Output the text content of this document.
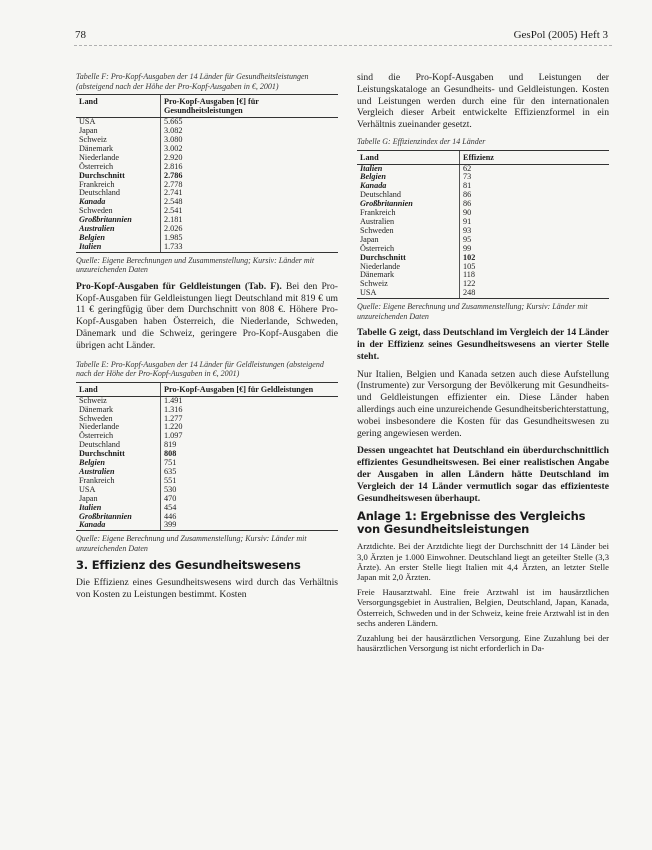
78	GesPol (2005) Heft 3

Tabelle F: Pro-Kopf-Ausgaben der 14 Länder für Gesundheitsleistungen (absteigend nach der Höhe der Pro-Kopf-Ausgaben in €, 2001)

Land	Pro-Kopf-Ausgaben [€] für Gesundheitsleistungen
USA	5.665
Japan	3.082
Schweiz	3.080
Dänemark	3.002
Niederlande	2.920
Österreich	2.816
Durchschnitt	2.786
Frankreich	2.778
Deutschland	2.741
Kanada	2.548
Schweden	2.541
Großbritannien	2.181
Australien	2.026
Belgien	1.985
Italien	1.733

Quelle: Eigene Berechnungen und Zusammenstellung; Kursiv: Länder mit unzureichenden Daten

Pro-Kopf-Ausgaben für Geldleistungen (Tab. F). Bei den Pro-Kopf-Ausgaben für Geldleistungen liegt Deutschland mit 819 € um 11 € geringfügig über dem Durchschnitt von 808 €. Höhere Pro-Kopf-Ausgaben haben Österreich, die Niederlande, Schweden, Dänemark und die Schweiz, geringere Pro-Kopf-Ausgaben die übrigen acht Länder.

Tabelle E: Pro-Kopf-Ausgaben der 14 Länder für Geldleistungen (absteigend nach der Höhe der Pro-Kopf-Ausgaben in €, 2001)

Land	Pro-Kopf-Ausgaben [€] für Geldleistungen
Schweiz	1.491
Dänemark	1.316
Schweden	1.277
Niederlande	1.220
Österreich	1.097
Deutschland	819
Durchschnitt	808
Belgien	751
Australien	635
Frankreich	551
USA	530
Japan	470
Italien	454
Großbritannien	446
Kanada	399

Quelle: Eigene Berechnung und Zusammenstellung; Kursiv: Länder mit unzureichenden Daten

3. Effizienz des Gesundheitswesens

Die Effizienz eines Gesundheitswesens wird durch das Verhältnis von Kosten zu Leistungen bestimmt. Kosten

sind die Pro-Kopf-Ausgaben und Leistungen der Leistungskataloge an Gesundheits- und Geldleistungen. Kosten und Leistungen werden durch eine für den internationalen Vergleich dieser Arbeit entwickelte Effizienzformel in ein Verhältnis zueinander gesetzt.

Tabelle G: Effizienzindex der 14 Länder

Land	Effizienz
Italien	62
Belgien	73
Kanada	81
Deutschland	86
Großbritannien	86
Frankreich	90
Australien	91
Schweden	93
Japan	95
Österreich	99
Durchschnitt	102
Niederlande	105
Dänemark	118
Schweiz	122
USA	248

Quelle: Eigene Berechnung und Zusammenstellung; Kursiv: Länder mit unzureichenden Daten

Tabelle G zeigt, dass Deutschland im Vergleich der 14 Länder in der Effizienz seines Gesundheitswesens an vierter Stelle steht.

Nur Italien, Belgien und Kanada setzen auch diese Aufstellung (Instrumente) zur Versorgung der Bevölkerung mit Gesundheits- und Geldleistungen effizienter ein. Diese Länder haben allerdings auch eine unzureichende Gesundheitsberichterstattung, wobei insbesondere die Kosten für das Gesundheitswesen zu gering angewiesen werden.

Dessen ungeachtet hat Deutschland ein überdurchschnittlich effizientes Gesundheitswesen. Bei einer realistischen Angabe der Ausgaben in allen Ländern hätte Deutschland im Vergleich der 14 Länder vermutlich sogar das effizienteste Gesundheitswesen überhaupt.

Anlage 1: Ergebnisse des Vergleichs von Gesundheitsleistungen

Arztdichte. Bei der Arztdichte liegt der Durchschnitt der 14 Länder bei 3,0 Ärzten je 1.000 Einwohner. Deutschland liegt an geteilter Stelle (3,3 Ärzte). An erster Stelle liegt Italien mit 4,4 Ärzten, an letzter Stelle Japan mit 2,0 Ärzten.

Freie Hausarztwahl. Eine freie Arztwahl ist im hausärztlichen Versorgungsgebiet in Australien, Belgien, Deutschland, Japan, Kanada, Österreich, Schweden und in der Schweiz, keine freie Arztwahl ist in den sechs anderen Ländern.

Zuzahlung bei der hausärztlichen Versorgung. Eine Zuzahlung bei der hausärztlichen Versorgung ist nicht erforderlich in Da-
